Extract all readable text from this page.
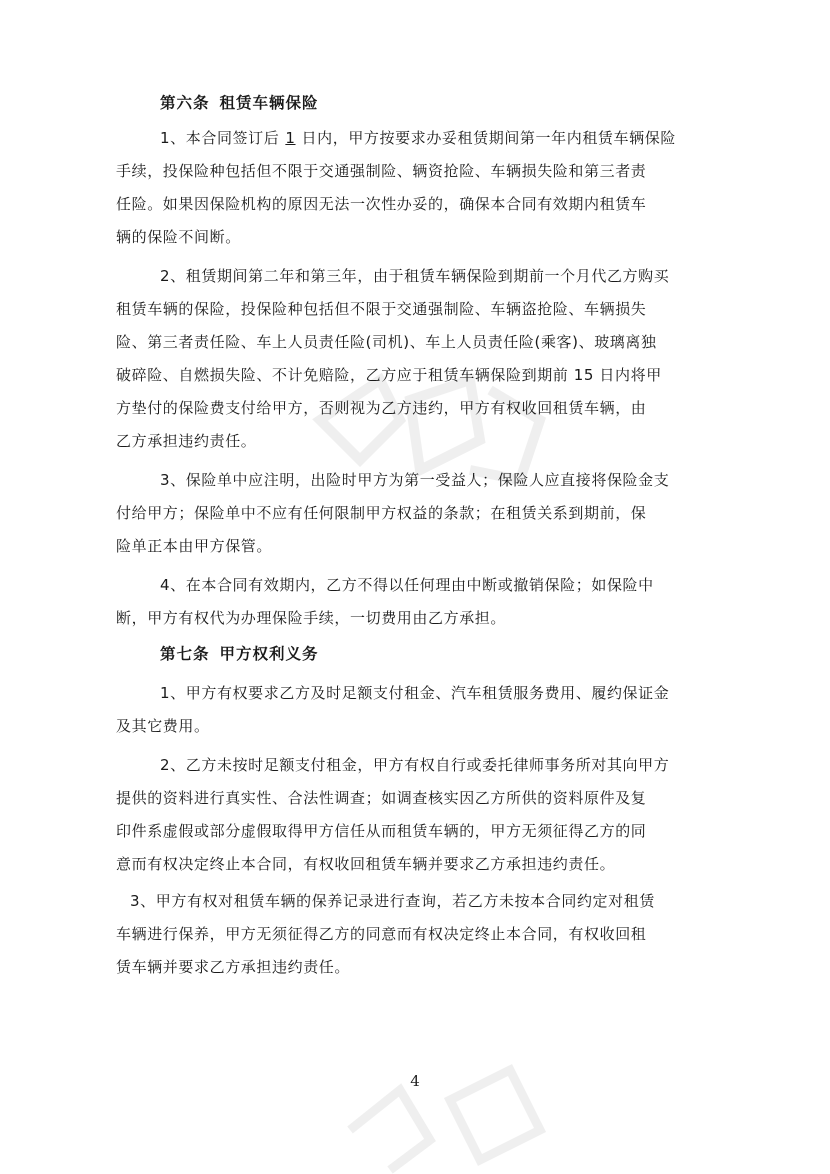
第六条 租赁车辆保险

1、本合同签订后 1 日内，甲方按要求办妥租赁期间第一年内租赁车辆保险
手续，投保险种包括但不限于交通强制险、辆资抢险、车辆损失险和第三者责
任险。如果因保险机构的原因无法一次性办妥的，确保本合同有效期内租赁车
辆的保险不间断。

2、租赁期间第二年和第三年，由于租赁车辆保险到期前一个月代乙方购买
租赁车辆的保险，投保险种包括但不限于交通强制险、车辆盗抢险、车辆损失
险、第三者责任险、车上人员责任险(司机)、车上人员责任险(乘客)、玻璃离独
破碎险、自燃损失险、不计免赔险，乙方应于租赁车辆保险到期前 15 日内将甲
方垫付的保险费支付给甲方，否则视为乙方违约，甲方有权收回租赁车辆，由
乙方承担违约责任。

3、保险单中应注明，出险时甲方为第一受益人；保险人应直接将保险金支
付给甲方；保险单中不应有任何限制甲方权益的条款；在租赁关系到期前，保
险单正本由甲方保管。

4、在本合同有效期内，乙方不得以任何理由中断或撤销保险；如保险中
断，甲方有权代为办理保险手续，一切费用由乙方承担。

第七条 甲方权利义务

1、甲方有权要求乙方及时足额支付租金、汽车租赁服务费用、履约保证金
及其它费用。

2、乙方未按时足额支付租金，甲方有权自行或委托律师事务所对其向甲方
提供的资料进行真实性、合法性调查；如调查核实因乙方所供的资料原件及复
印件系虚假或部分虚假取得甲方信任从而租赁车辆的，甲方无须征得乙方的同
意而有权决定终止本合同，有权收回租赁车辆并要求乙方承担违约责任。

3、甲方有权对租赁车辆的保养记录进行查询，若乙方未按本合同约定对租赁
车辆进行保养，甲方无须征得乙方的同意而有权决定终止本合同，有权收回租
赁车辆并要求乙方承担违约责任。

4
